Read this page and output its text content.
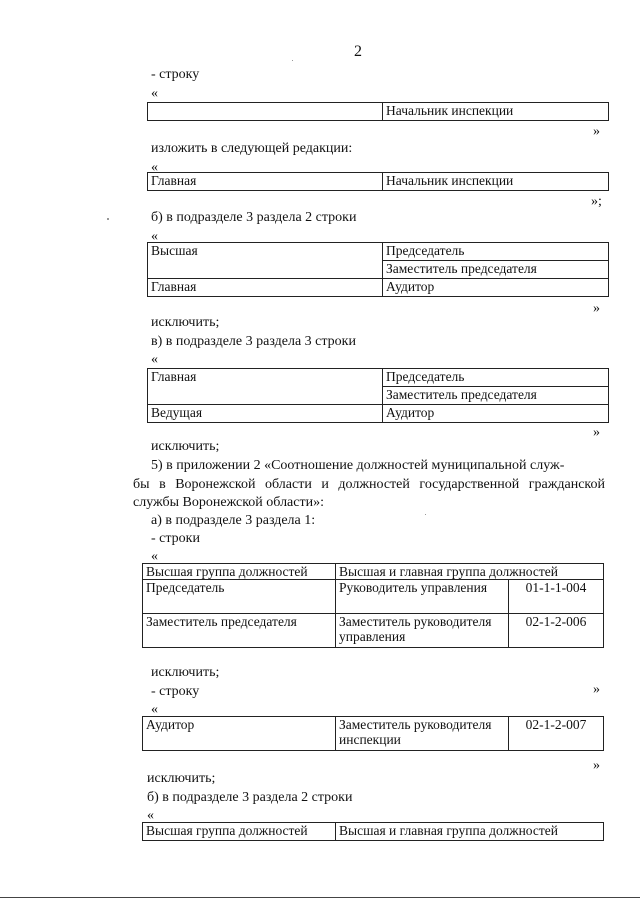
2
- строку
«
	Начальник инспекции
»
изложить в следующей редакции:
«
Главная	Начальник инспекции
»;
б) в подразделе 3 раздела 2 строки
«
Высшая	Председатель
	Заместитель председателя
Главная	Аудитор
»
исключить;
в) в подразделе 3 раздела 3 строки
«
Главная	Председатель
	Заместитель председателя
Ведущая	Аудитор
»
исключить;
5) в приложении 2 «Соотношение должностей муниципальной служ-
бы в Воронежской области и должностей государственной гражданской
службы Воронежской области»:
а) в подразделе 3 раздела 1:
- строки
«
Высшая группа должностей	Высшая и главная группа должностей	
Председатель	Руководитель управления	01-1-1-004
Заместитель председателя	Заместитель руководителя управления	02-1-2-006
»
исключить;
- строку
«
Аудитор	Заместитель руководителя инспекции	02-1-2-007
»
исключить;
б) в подразделе 3 раздела 2 строки
«
Высшая группа должностей	Высшая и главная группа должностей
